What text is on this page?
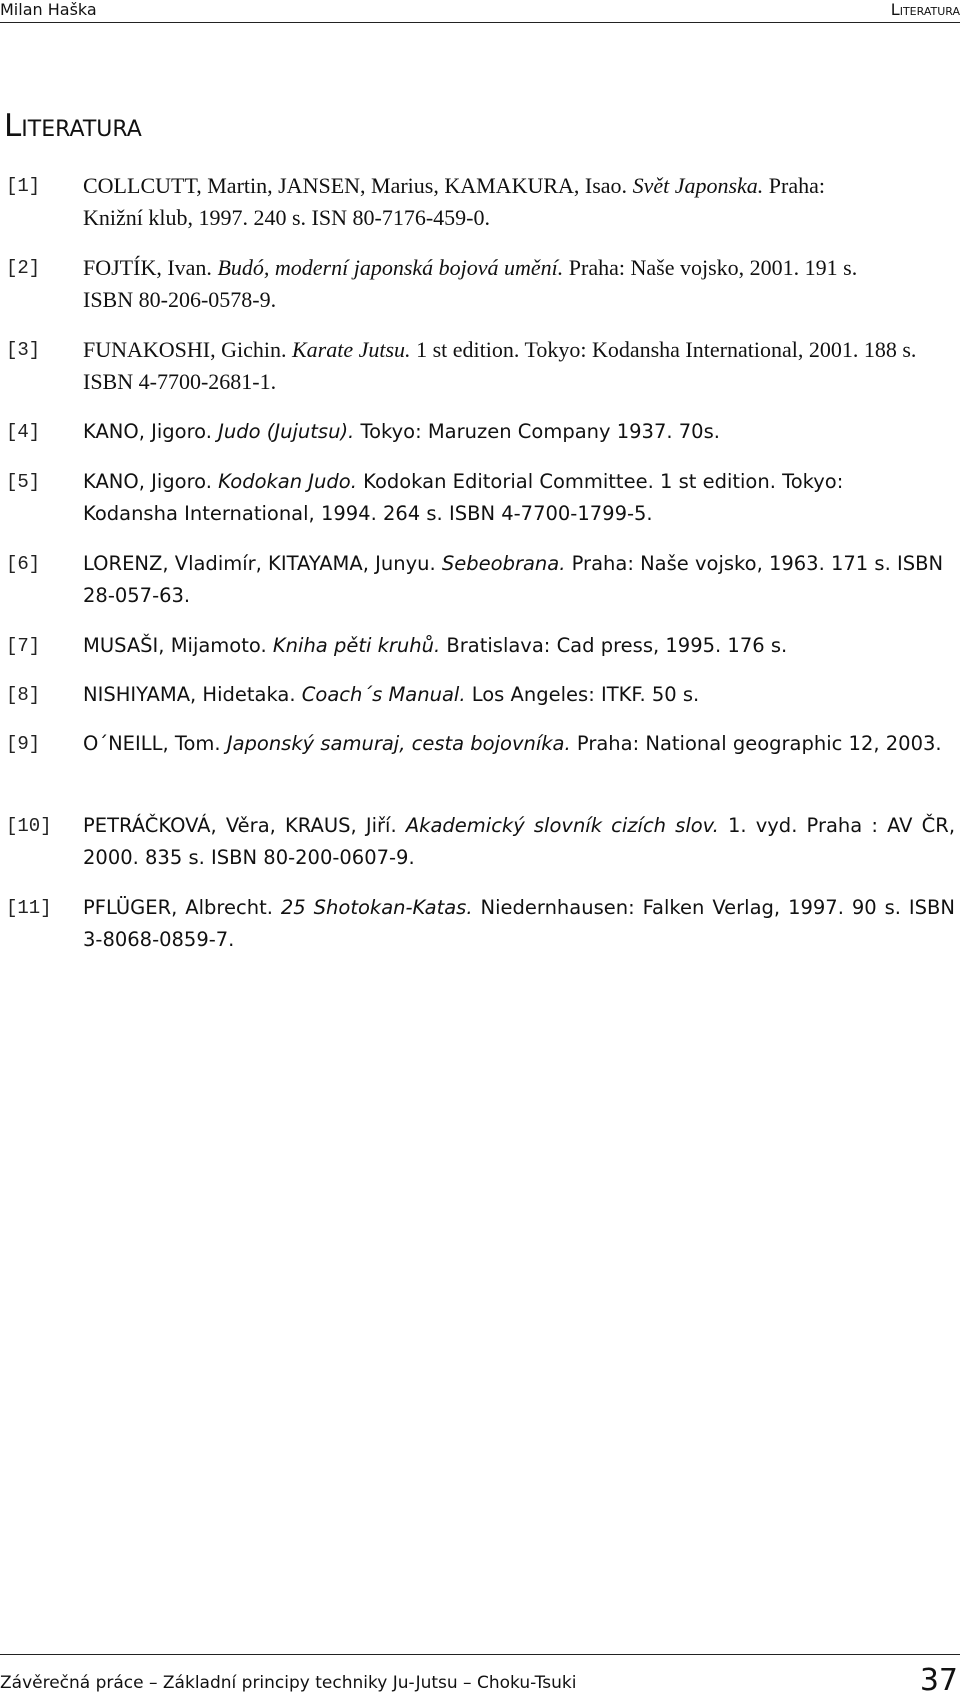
Milan Haška	Literatura
Literatura
[1] COLLCUTT, Martin, JANSEN, Marius, KAMAKURA, Isao. Svět Japonska. Praha: Knižní klub, 1997. 240 s. ISN 80-7176-459-0.
[2] FOJTÍK, Ivan. Budó, moderní japonská bojová umění. Praha: Naše vojsko, 2001. 191 s. ISBN 80-206-0578-9.
[3] FUNAKOSHI, Gichin. Karate Jutsu. 1 st edition. Tokyo: Kodansha International, 2001. 188 s. ISBN 4-7700-2681-1.
[4] KANO, Jigoro. Judo (Jujutsu). Tokyo: Maruzen Company 1937. 70s.
[5] KANO, Jigoro. Kodokan Judo. Kodokan Editorial Committee. 1 st edition. Tokyo: Kodansha International, 1994. 264 s. ISBN 4-7700-1799-5.
[6] LORENZ, Vladimír, KITAYAMA, Junyu. Sebeobrana. Praha: Naše vojsko, 1963. 171 s. ISBN 28-057-63.
[7] MUSAŠI, Mijamoto. Kniha pěti kruhů. Bratislava: Cad press, 1995. 176 s.
[8] NISHIYAMA, Hidetaka. Coach´s Manual. Los Angeles: ITKF. 50 s.
[9] O´NEILL, Tom. Japonský samuraj, cesta bojovníka. Praha: National geographic 12, 2003.
[10] PETRÁČKOVÁ, Věra, KRAUS, Jiří. Akademický slovník cizích slov. 1. vyd. Praha : AV ČR, 2000. 835 s. ISBN 80-200-0607-9.
[11] PFLÜGER, Albrecht. 25 Shotokan-Katas. Niedernhausen: Falken Verlag, 1997. 90 s. ISBN 3-8068-0859-7.
Závěrečná práce – Základní principy techniky Ju-Jutsu – Choku-Tsuki	37
